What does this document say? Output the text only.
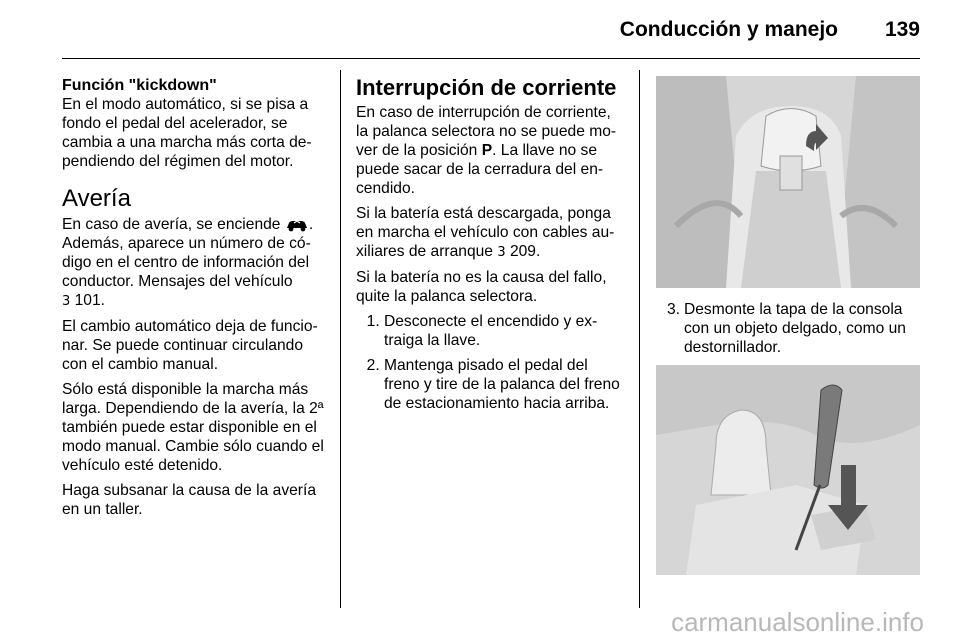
Conducción y manejo 139
Función "kickdown"

En el modo automático, si se pisa a fondo el pedal del acelerador, se cambia a una marcha más corta de-pendiendo del régimen del motor.

Avería

En caso de avería, se enciende . Además, aparece un número de có-digo en el centro de información del conductor. Mensajes del vehículo
3 101.

El cambio automático deja de funcio-nar. Se puede continuar circulando con el cambio manual.

Sólo está disponible la marcha más larga. Dependiendo de la avería, la 2ª también puede estar disponible en el modo manual. Cambie sólo cuando el vehículo esté detenido.

Haga subsanar la causa de la avería en un taller.

Interrupción de corriente

En caso de interrupción de corriente, la palanca selectora no se puede mo-ver de la posición P. La llave no se puede sacar de la cerradura del en-cendido.

Si la batería está descargada, ponga en marcha el vehículo con cables au-xiliares de arranque 3 209.

Si la batería no es la causa del fallo, quite la palanca selectora.

1. Desconecte el encendido y ex-traiga la llave.
2. Mantenga pisado el pedal del freno y tire de la palanca del freno de estacionamiento hacia arriba.
3. Desmonte la tapa de la consola con un objeto delgado, como un destornillador.
carmanualsonline.info
